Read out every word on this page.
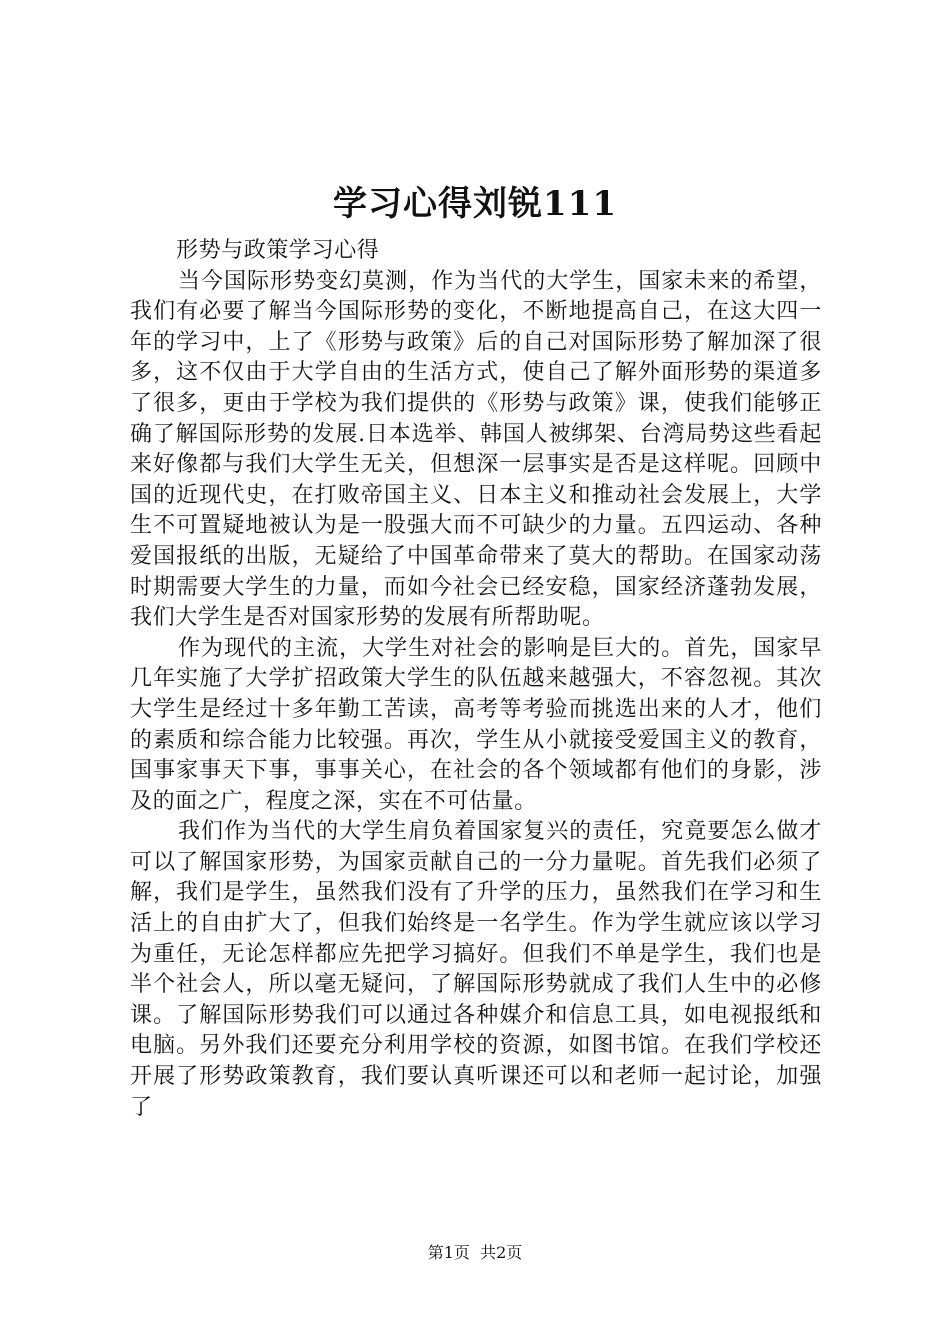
学习心得刘锐111

形势与政策学习心得

当今国际形势变幻莫测，作为当代的大学生，国家未来的希望，我们有必要了解当今国际形势的变化，不断地提高自己，在这大四一年的学习中，上了《形势与政策》后的自己对国际形势了解加深了很多，这不仅由于大学自由的生活方式，使自己了解外面形势的渠道多了很多，更由于学校为我们提供的《形势与政策》课，使我们能够正确了解国际形势的发展.日本选举、韩国人被绑架、台湾局势这些看起来好像都与我们大学生无关，但想深一层事实是否是这样呢。回顾中国的近现代史，在打败帝国主义、日本主义和推动社会发展上，大学生不可置疑地被认为是一股强大而不可缺少的力量。五四运动、各种爱国报纸的出版，无疑给了中国革命带来了莫大的帮助。在国家动荡时期需要大学生的力量，而如今社会已经安稳，国家经济蓬勃发展，我们大学生是否对国家形势的发展有所帮助呢。

作为现代的主流，大学生对社会的影响是巨大的。首先，国家早几年实施了大学扩招政策大学生的队伍越来越强大，不容忽视。其次大学生是经过十多年勤工苦读，高考等考验而挑选出来的人才，他们的素质和综合能力比较强。再次，学生从小就接受爱国主义的教育，国事家事天下事，事事关心，在社会的各个领域都有他们的身影，涉及的面之广，程度之深，实在不可估量。

我们作为当代的大学生肩负着国家复兴的责任，究竟要怎么做才可以了解国家形势，为国家贡献自己的一分力量呢。首先我们必须了解，我们是学生，虽然我们没有了升学的压力，虽然我们在学习和生活上的自由扩大了，但我们始终是一名学生。作为学生就应该以学习为重任，无论怎样都应先把学习搞好。但我们不单是学生，我们也是半个社会人，所以毫无疑问，了解国际形势就成了我们人生中的必修课。了解国际形势我们可以通过各种媒介和信息工具，如电视报纸和电脑。另外我们还要充分利用学校的资源，如图书馆。在我们学校还开展了形势政策教育，我们要认真听课还可以和老师一起讨论，加强了

第1页  共2页
